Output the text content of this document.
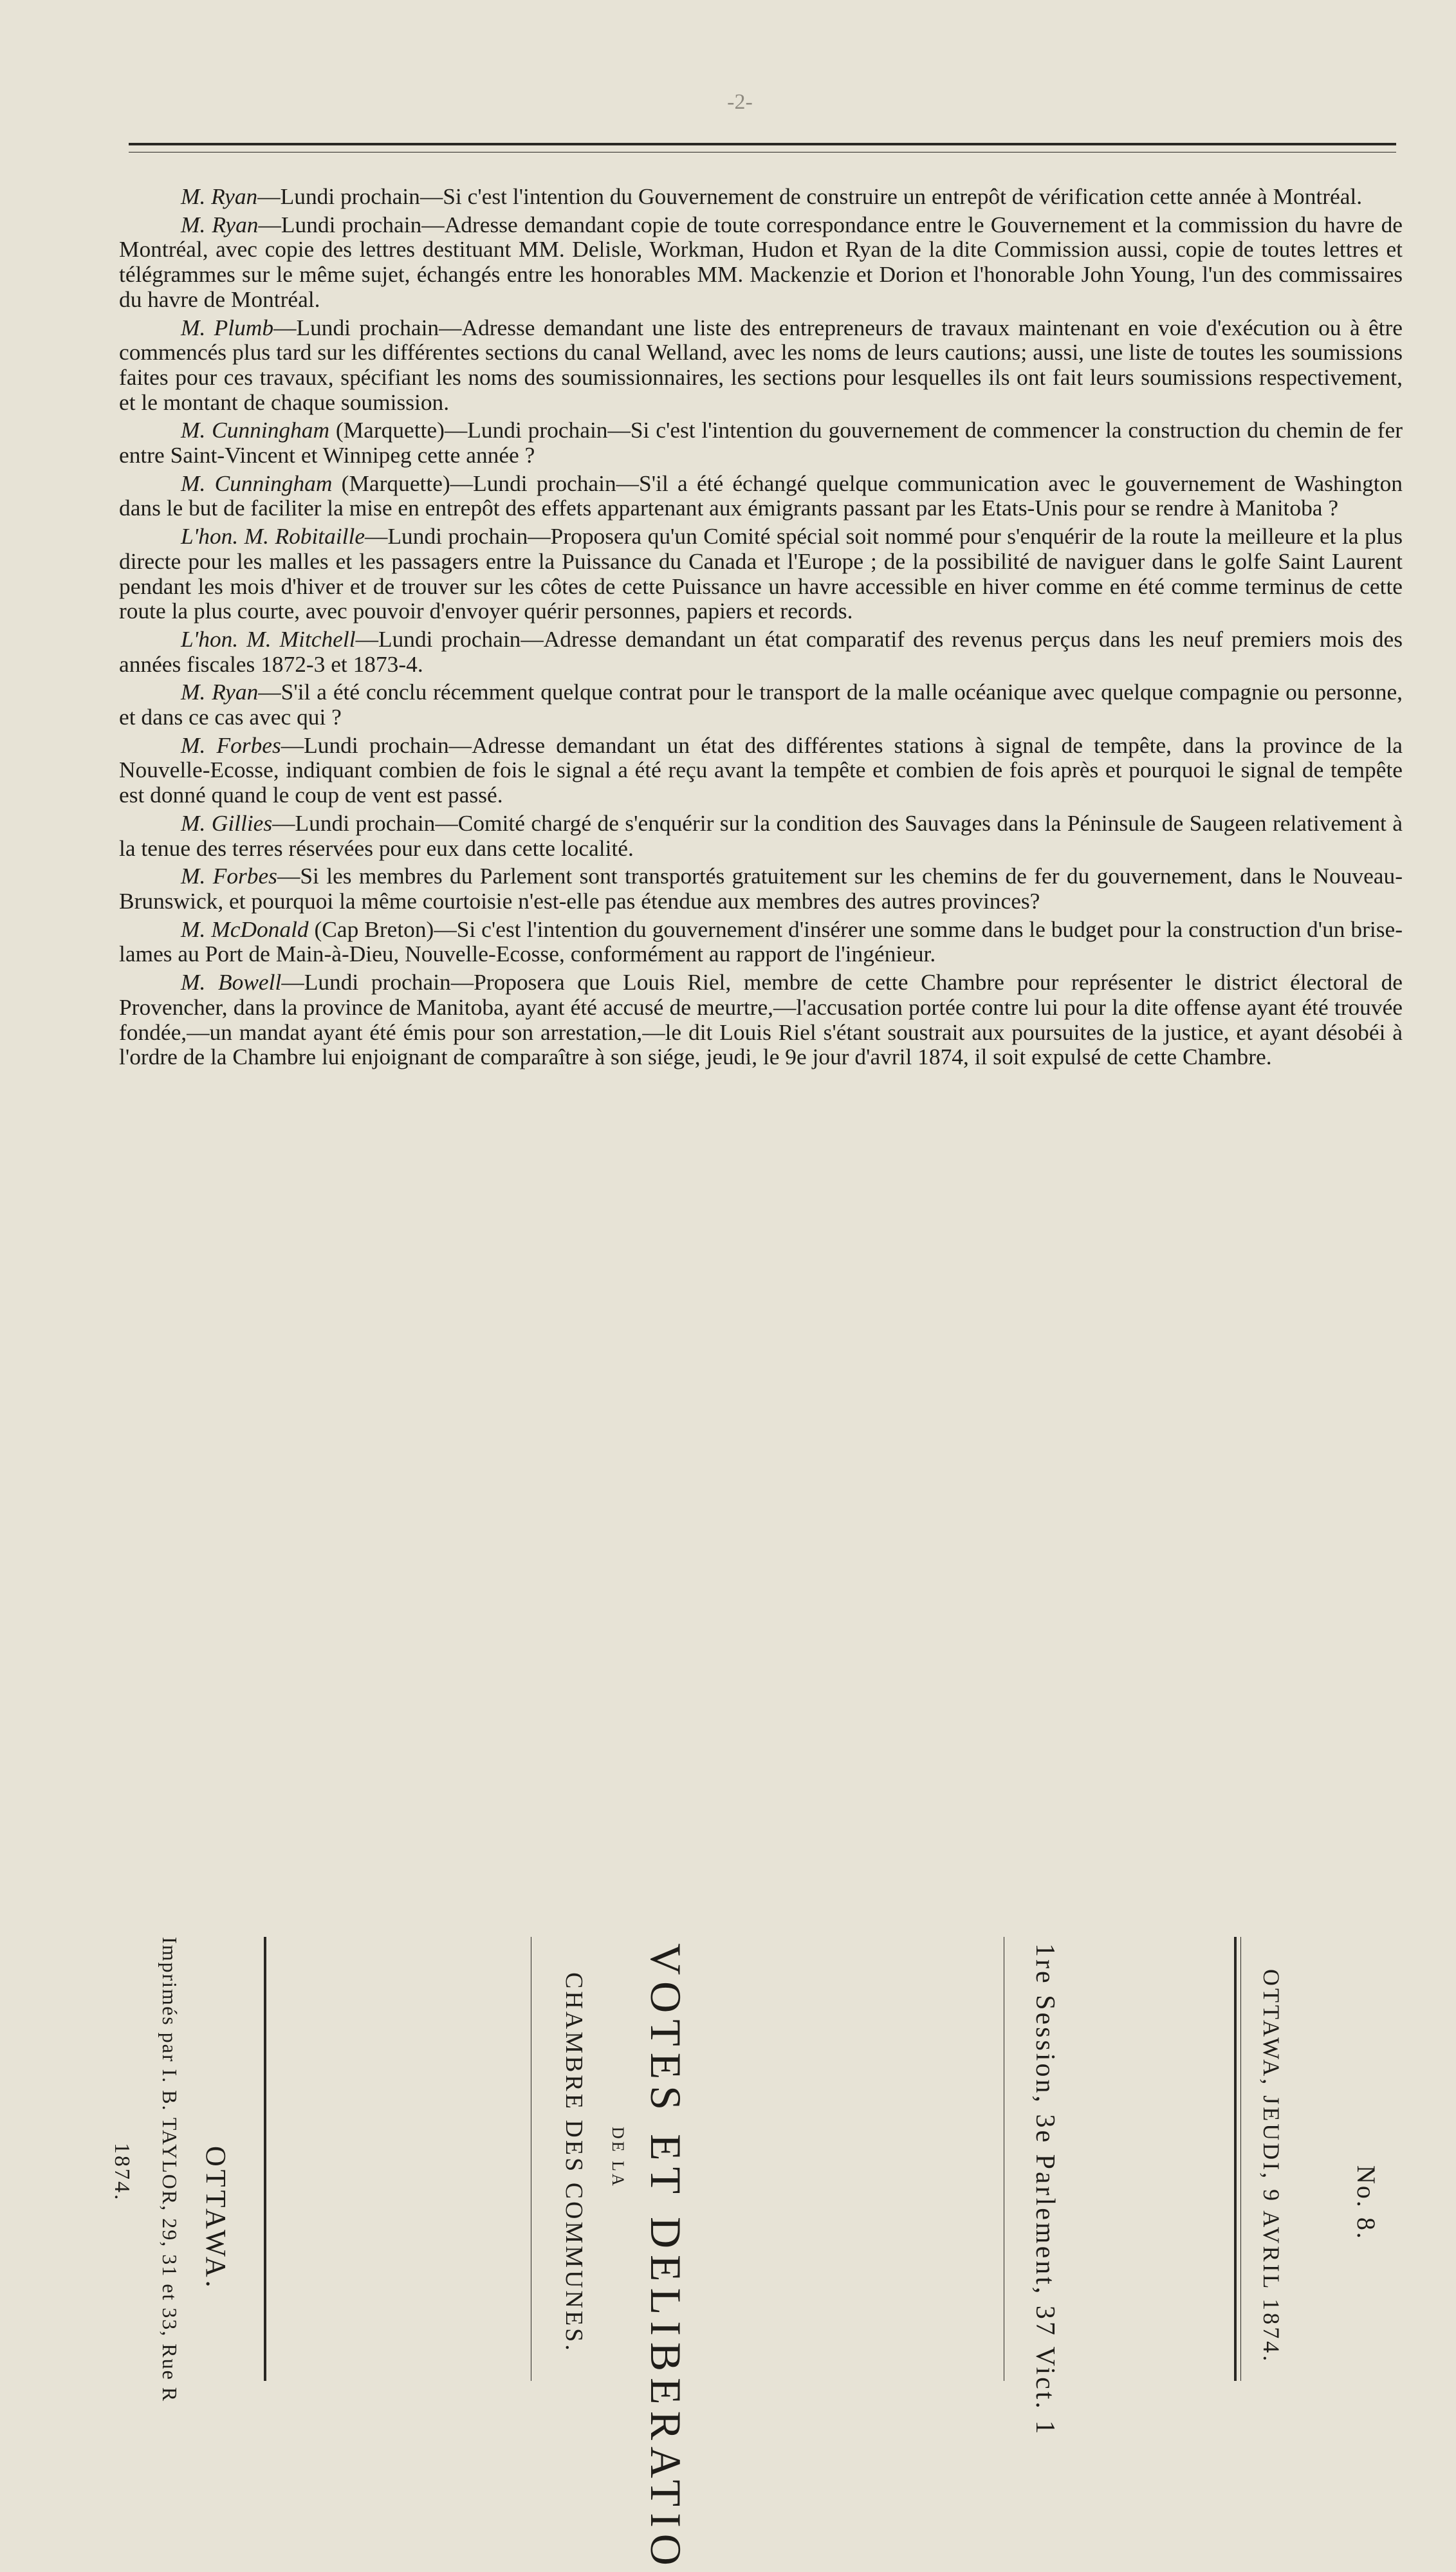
-2-

M. Ryan—Lundi prochain—Si c'est l'intention du Gouvernement de construire un entrepôt de vérification cette année à Montréal.

M. Ryan—Lundi prochain—Adresse demandant copie de toute correspondance entre le Gouvernement et la commission du havre de Montréal, avec copie des lettres destituant MM. Delisle, Workman, Hudon et Ryan de la dite Commission aussi, copie de toutes lettres et télégrammes sur le même sujet, échangés entre les honorables MM. Mackenzie et Dorion et l'honorable John Young, l'un des commissaires du havre de Montréal.

M. Plumb—Lundi prochain—Adresse demandant une liste des entrepreneurs de travaux maintenant en voie d'exécution ou à être commencés plus tard sur les différentes sections du canal Welland, avec les noms de leurs cautions; aussi, une liste de toutes les soumissions faites pour ces travaux, spécifiant les noms des soumissionnaires, les sections pour lesquelles ils ont fait leurs soumissions respectivement, et le montant de chaque soumission.

M. Cunningham (Marquette)—Lundi prochain—Si c'est l'intention du gouvernement de commencer la construction du chemin de fer entre Saint-Vincent et Winnipeg cette année ?

M. Cunningham (Marquette)—Lundi prochain—S'il a été échangé quelque communication avec le gouvernement de Washington dans le but de faciliter la mise en entrepôt des effets appartenant aux émigrants passant par les Etats-Unis pour se rendre à Manitoba ?

L'hon. M. Robitaille—Lundi prochain—Proposera qu'un Comité spécial soit nommé pour s'enquérir de la route la meilleure et la plus directe pour les malles et les passagers entre la Puissance du Canada et l'Europe ; de la possibilité de naviguer dans le golfe Saint Laurent pendant les mois d'hiver et de trouver sur les côtes de cette Puissance un havre accessible en hiver comme en été comme terminus de cette route la plus courte, avec pouvoir d'envoyer quérir personnes, papiers et records.

L'hon. M. Mitchell—Lundi prochain—Adresse demandant un état comparatif des revenus perçus dans les neuf premiers mois des années fiscales 1872-3 et 1873-4.

M. Ryan—S'il a été conclu récemment quelque contrat pour le transport de la malle océanique avec quelque compagnie ou personne, et dans ce cas avec qui ?

M. Forbes—Lundi prochain—Adresse demandant un état des différentes stations à signal de tempête, dans la province de la Nouvelle-Ecosse, indiquant combien de fois le signal a été reçu avant la tempête et combien de fois après et pourquoi le signal de tempête est donné quand le coup de vent est passé.

M. Gillies—Lundi prochain—Comité chargé de s'enquérir sur la condition des Sauvages dans la Péninsule de Saugeen relativement à la tenue des terres réservées pour eux dans cette localité.

M. Forbes—Si les membres du Parlement sont transportés gratuitement sur les chemins de fer du gouvernement, dans le Nouveau-Brunswick, et pourquoi la même courtoisie n'est-elle pas étendue aux membres des autres provinces?

M. McDonald (Cap Breton)—Si c'est l'intention du gouvernement d'insérer une somme dans le budget pour la construction d'un brise-lames au Port de Main-à-Dieu, Nouvelle-Ecosse, conformément au rapport de l'ingénieur.

M. Bowell—Lundi prochain—Proposera que Louis Riel, membre de cette Chambre pour représenter le district électoral de Provencher, dans la province de Manitoba, ayant été accusé de meurtre,—l'accusation portée contre lui pour la dite offense ayant été trouvée fondée,—un mandat ayant été émis pour son arrestation,—le dit Louis Riel s'étant soustrait aux poursuites de la justice, et ayant désobéi à l'ordre de la Chambre lui enjoignant de comparaître à son siége, jeudi, le 9e jour d'avril 1874, il soit expulsé de cette Chambre.

No. 8.
OTTAWA, JEUDI, 9 AVRIL 1874.
1re Session, 3e Parlement, 37 Vict. 1
VOTES ET DELIBERATIO
DE LA
CHAMBRE DES COMMUNES.
OTTAWA.
Imprimés par I. B. TAYLOR, 29, 31 et 33, Rue R
1874.
